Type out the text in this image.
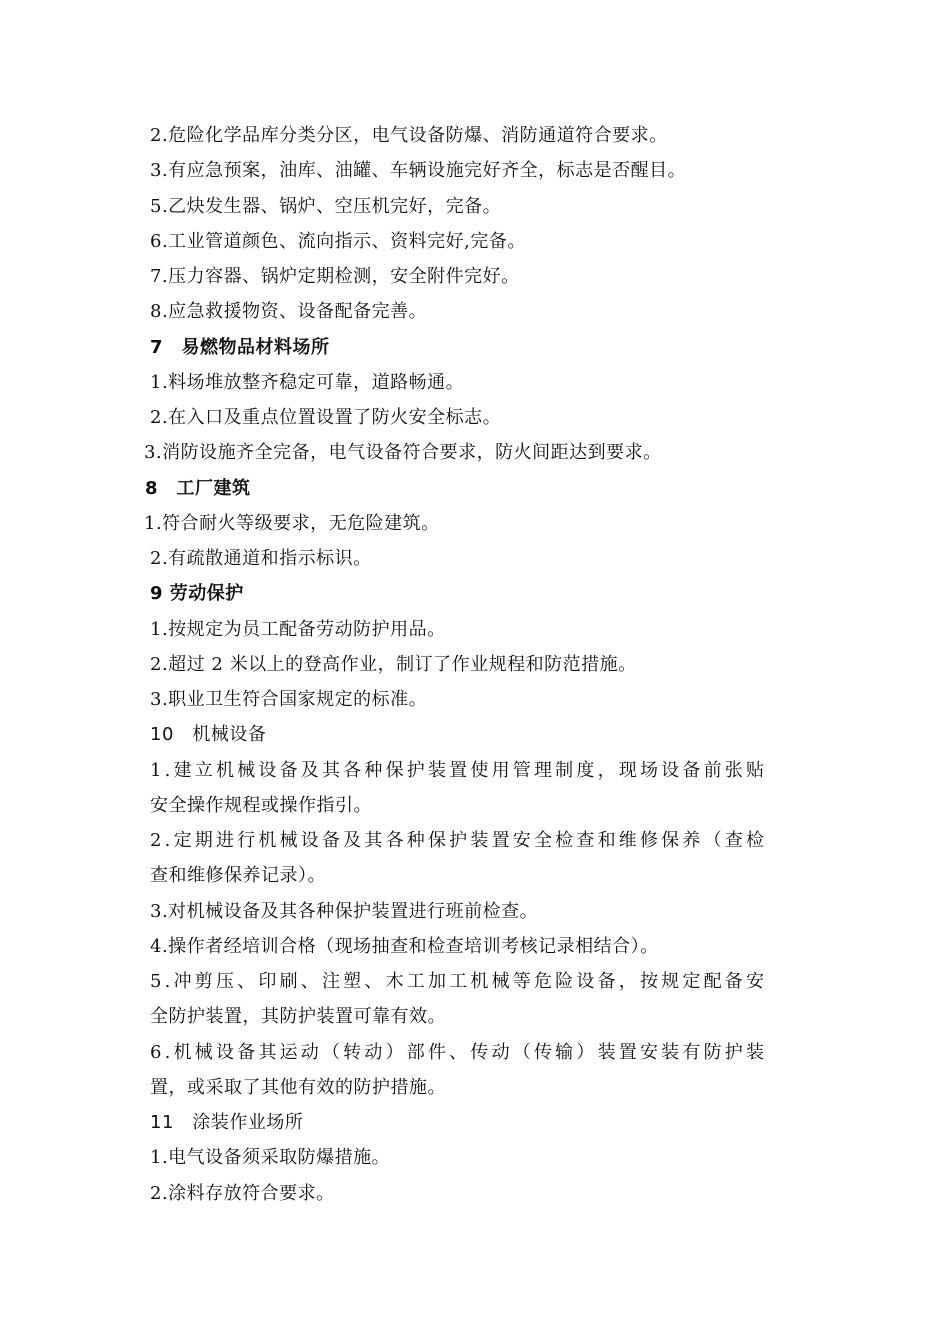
2.危险化学品库分类分区，电气设备防爆、消防通道符合要求。
3.有应急预案，油库、油罐、车辆设施完好齐全，标志是否醒目。
5.乙炔发生器、锅炉、空压机完好，完备。
6.工业管道颜色、流向指示、资料完好,完备。
7.压力容器、锅炉定期检测，安全附件完好。
8.应急救援物资、设备配备完善。
7　易燃物品材料场所
1.料场堆放整齐稳定可靠，道路畅通。
2.在入口及重点位置设置了防火安全标志。
3.消防设施齐全完备，电气设备符合要求，防火间距达到要求。
8　工厂建筑
1.符合耐火等级要求，无危险建筑。
2.有疏散通道和指示标识。
9 劳动保护
1.按规定为员工配备劳动防护用品。
2.超过 2 米以上的登高作业，制订了作业规程和防范措施。
3.职业卫生符合国家规定的标准。
10　机械设备
1.建立机械设备及其各种保护装置使用管理制度，现场设备前张贴
安全操作规程或操作指引。
2.定期进行机械设备及其各种保护装置安全检查和维修保养（查检
查和维修保养记录）。
3.对机械设备及其各种保护装置进行班前检查。
4.操作者经培训合格（现场抽查和检查培训考核记录相结合）。
5.冲剪压、印刷、注塑、木工加工机械等危险设备，按规定配备安
全防护装置，其防护装置可靠有效。
6.机械设备其运动（转动）部件、传动（传输）装置安装有防护装
置，或采取了其他有效的防护措施。
11　涂装作业场所
1.电气设备须采取防爆措施。
2.涂料存放符合要求。
